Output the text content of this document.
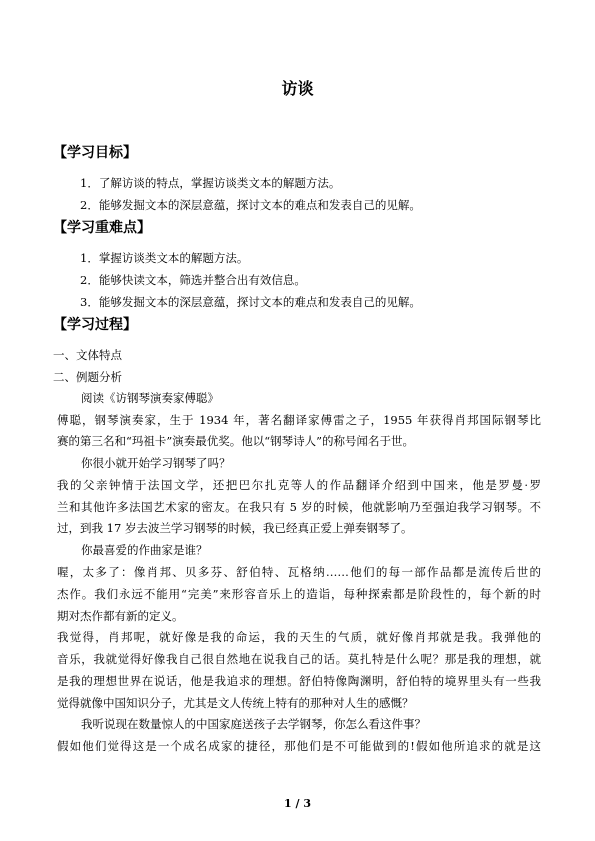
访谈
【学习目标】
1．了解访谈的特点，掌握访谈类文本的解题方法。
2．能够发掘文本的深层意蕴，探讨文本的难点和发表自己的见解。
【学习重难点】
1．掌握访谈类文本的解题方法。
2．能够快读文本，筛选并整合出有效信息。
3．能够发掘文本的深层意蕴，探讨文本的难点和发表自己的见解。
【学习过程】
一、文体特点
二、例题分析
阅读《访钢琴演奏家傅聪》
傅聪，钢琴演奏家，生于 1934 年，著名翻译家傅雷之子，1955 年获得肖邦国际钢琴比
赛的第三名和“玛祖卡”演奏最优奖。他以“钢琴诗人”的称号闻名于世。
你很小就开始学习钢琴了吗？
我的父亲钟情于法国文学，还把巴尔扎克等人的作品翻译介绍到中国来，他是罗曼·罗
兰和其他许多法国艺术家的密友。在我只有 5 岁的时候，他就影响乃至强迫我学习钢琴。不
过，到我 17 岁去波兰学习钢琴的时候，我已经真正爱上弹奏钢琴了。
你最喜爱的作曲家是谁？
喔，太多了：像肖邦、贝多芬、舒伯特、瓦格纳……他们的每一部作品都是流传后世的
杰作。我们永远不能用“完美”来形容音乐上的造诣，每种探索都是阶段性的，每个新的时
期对杰作都有新的定义。
我觉得，肖邦呢，就好像是我的命运，我的天生的气质，就好像肖邦就是我。我弹他的
音乐，我就觉得好像我自己很自然地在说我自己的话。莫扎特是什么呢？那是我的理想，就
是我的理想世界在说话，他是我追求的理想。舒伯特像陶渊明，舒伯特的境界里头有一些我
觉得就像中国知识分子，尤其是文人传统上特有的那种对人生的感慨？
我听说现在数量惊人的中国家庭送孩子去学钢琴，你怎么看这件事？
假如他们觉得这是一个成名成家的捷径，那他们是不可能做到的!假如他所追求的就是这
1 / 3
